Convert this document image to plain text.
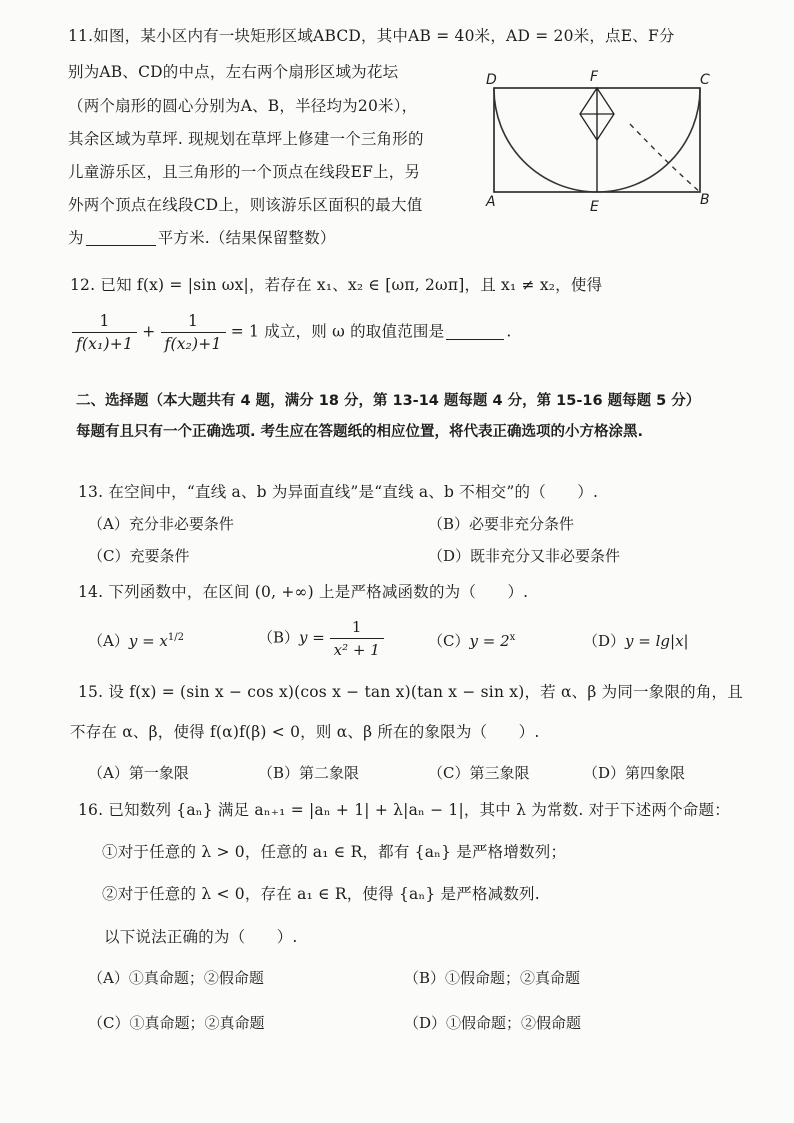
11.如图，某小区内有一块矩形区域ABCD，其中AB = 40米，AD = 20米，点E、F分
别为AB、CD的中点，左右两个扇形区域为花坛
（两个扇形的圆心分别为A、B，半径均为20米），
其余区域为草坪. 现规划在草坪上修建一个三角形的
儿童游乐区，且三角形的一个顶点在线段EF上，另
外两个顶点在线段CD上，则该游乐区面积的最大值
为	平方米.（结果保留整数）
D	F	C
A	E	B
12. 已知 f(x) = |sin ωx|，若存在 x₁、x₂ ∈ [ωπ, 2ωπ]，且 x₁ ≠ x₂，使得
$\frac{1}{\text{f(x₁)+1}} + \frac{1}{\text{f(x₂)+1}} = 1$ 成立，则 ω 的取值范围是	.
二、选择题（本大题共有 4 题，满分 18 分，第 13-14 题每题 4 分，第 15-16 题每题 5 分）
每题有且只有一个正确选项. 考生应在答题纸的相应位置，将代表正确选项的小方格涂黑.
13. 在空间中，“直线 a、b 为异面直线”是“直线 a、b 不相交”的（　　）.
（A）充分非必要条件	（B）必要非充分条件
（C）充要条件	（D）既非充分又非必要条件
14. 下列函数中，在区间 (0, +∞) 上是严格减函数的为（　　）.
$(A)y = x^{1/2}$	$(B)y = \frac{1}{\text{x² + 1}}$	$(C)y = 2^x$	（D）y = lg|x|
15. 设 f(x) = (sin x − cos x)(cos x − tan x)(tan x − sin x)，若 α、β 为同一象限的角，且
不存在 α、β，使得 f(α)f(β) < 0，则 α、β 所在的象限为（　　）.
（A）第一象限	（B）第二象限	（C）第三象限	（D）第四象限
16. 已知数列 {aₙ} 满足 aₙ₊₁ = |aₙ + 1| + λ|aₙ − 1|，其中 λ 为常数. 对于下述两个命题：
①对于任意的 λ > 0，任意的 a₁ ∈ R，都有 {aₙ} 是严格增数列；
②对于任意的 λ < 0，存在 a₁ ∈ R，使得 {aₙ} 是严格减数列.
以下说法正确的为（　　）.
（A）①真命题；②假命题	（B）①假命题；②真命题
（C）①真命题；②真命题	（D）①假命题；②假命题
